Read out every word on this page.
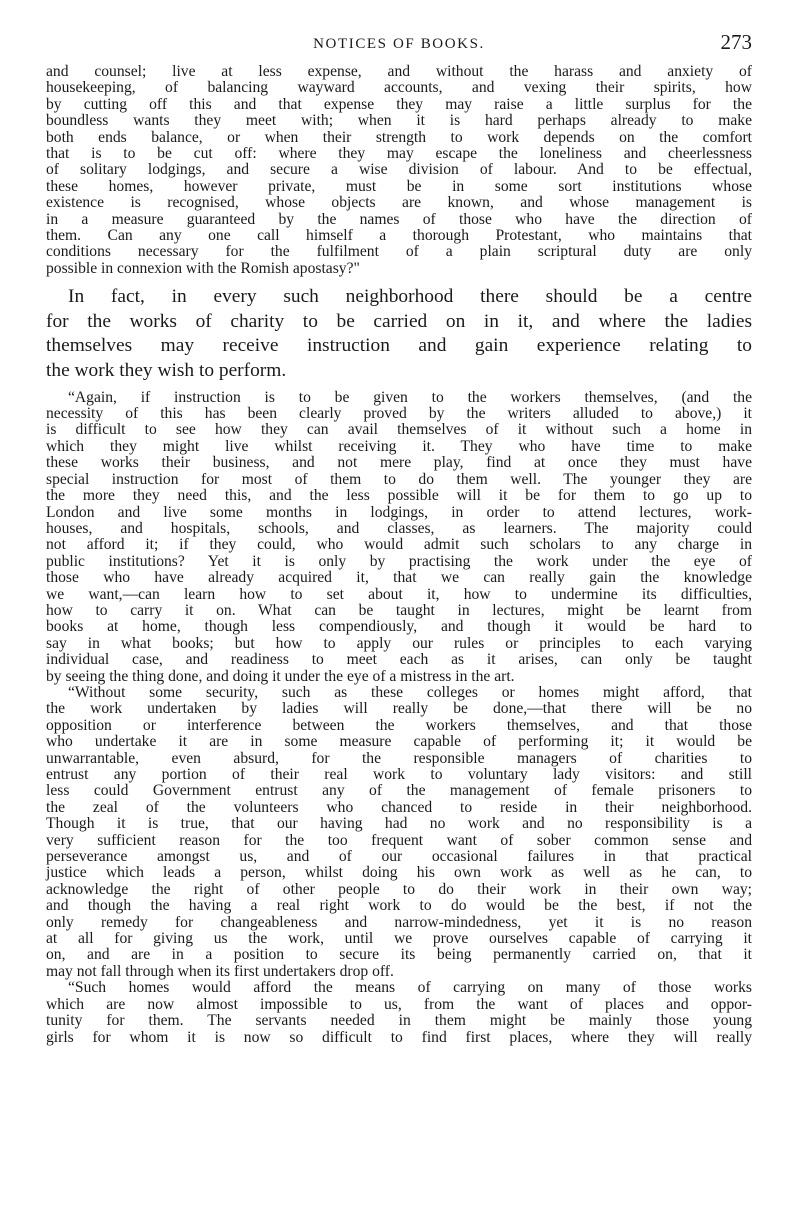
NOTICES OF BOOKS.	273

and counsel; live at less expense, and without the harass and anxiety of
housekeeping, of balancing wayward accounts, and vexing their spirits, how
by cutting off this and that expense they may raise a little surplus for the
boundless wants they meet with; when it is hard perhaps already to make
both ends balance, or when their strength to work depends on the comfort
that is to be cut off: where they may escape the loneliness and cheerlessness
of solitary lodgings, and secure a wise division of labour. And to be effectual,
these homes, however private, must be in some sort institutions whose
existence is recognised, whose objects are known, and whose management is
in a measure guaranteed by the names of those who have the direction of
them. Can any one call himself a thorough Protestant, who maintains that
conditions necessary for the fulfilment of a plain scriptural duty are only
possible in connexion with the Romish apostasy?"

In fact, in every such neighborhood there should be a centre
for the works of charity to be carried on in it, and where the ladies
themselves may receive instruction and gain experience relating to
the work they wish to perform.

“Again, if instruction is to be given to the workers themselves, (and the
necessity of this has been clearly proved by the writers alluded to above,) it
is difficult to see how they can avail themselves of it without such a home in
which they might live whilst receiving it. They who have time to make
these works their business, and not mere play, find at once they must have
special instruction for most of them to do them well. The younger they are
the more they need this, and the less possible will it be for them to go up to
London and live some months in lodgings, in order to attend lectures, work-
houses, and hospitals, schools, and classes, as learners. The majority could
not afford it; if they could, who would admit such scholars to any charge in
public institutions? Yet it is only by practising the work under the eye of
those who have already acquired it, that we can really gain the knowledge
we want,—can learn how to set about it, how to undermine its difficulties,
how to carry it on. What can be taught in lectures, might be learnt from
books at home, though less compendiously, and though it would be hard to
say in what books; but how to apply our rules or principles to each varying
individual case, and readiness to meet each as it arises, can only be taught
by seeing the thing done, and doing it under the eye of a mistress in the art.

“Without some security, such as these colleges or homes might afford, that
the work undertaken by ladies will really be done,—that there will be no
opposition or interference between the workers themselves, and that those
who undertake it are in some measure capable of performing it; it would be
unwarrantable, even absurd, for the responsible managers of charities to
entrust any portion of their real work to voluntary lady visitors: and still
less could Government entrust any of the management of female prisoners to
the zeal of the volunteers who chanced to reside in their neighborhood.
Though it is true, that our having had no work and no responsibility is a
very sufficient reason for the too frequent want of sober common sense and
perseverance amongst us, and of our occasional failures in that practical
justice which leads a person, whilst doing his own work as well as he can, to
acknowledge the right of other people to do their work in their own way;
and though the having a real right work to do would be the best, if not the
only remedy for changeableness and narrow-mindedness, yet it is no reason
at all for giving us the work, until we prove ourselves capable of carrying it
on, and are in a position to secure its being permanently carried on, that it
may not fall through when its first undertakers drop off.

“Such homes would afford the means of carrying on many of those works
which are now almost impossible to us, from the want of places and oppor-
tunity for them. The servants needed in them might be mainly those young
girls for whom it is now so difficult to find first places, where they will really
